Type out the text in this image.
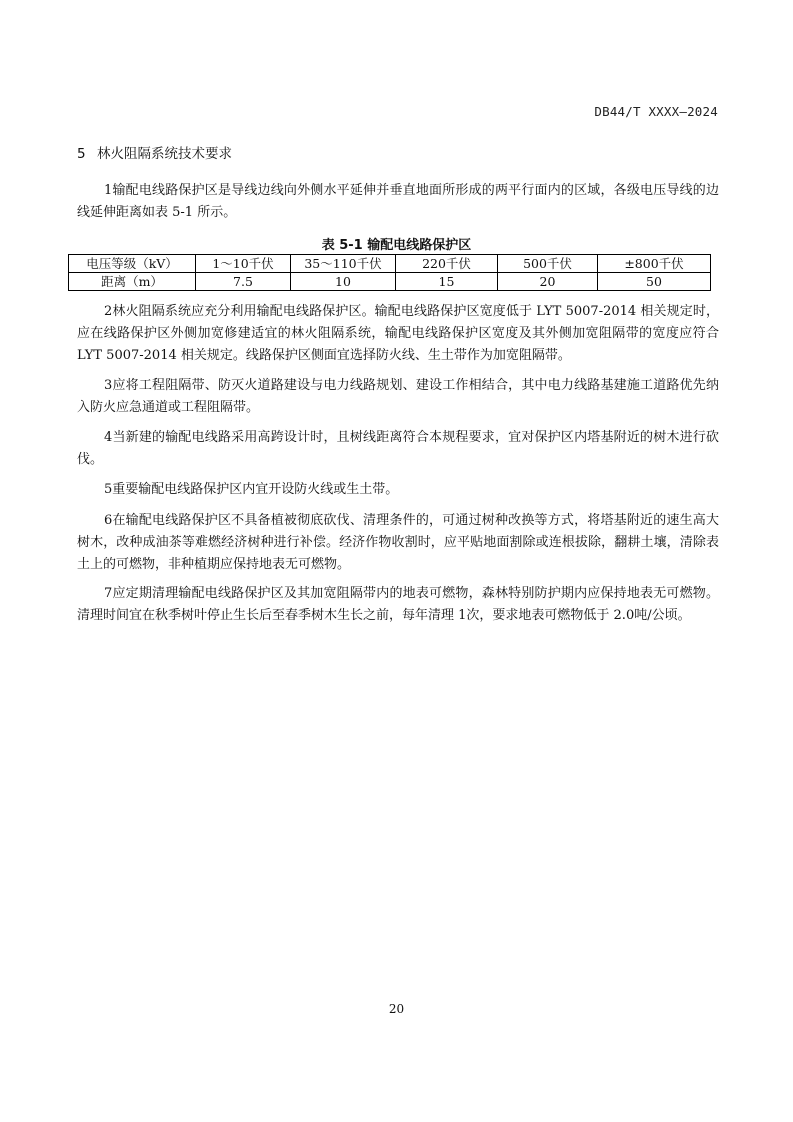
DB44/T XXXX—2024
5 林火阻隔系统技术要求

1输配电线路保护区是导线边线向外侧水平延伸并垂直地面所形成的两平行面内的区域，各级电压导线的边线延伸距离如表 5-1 所示。

表 5-1 输配电线路保护区
电压等级（kV）	1～10千伏	35～110千伏	220千伏	500千伏	±800千伏
距离（m）	7.5	10	15	20	50

2林火阻隔系统应充分利用输配电线路保护区。输配电线路保护区宽度低于 LYT 5007-2014 相关规定时，应在线路保护区外侧加宽修建适宜的林火阻隔系统，输配电线路保护区宽度及其外侧加宽阻隔带的宽度应符合 LYT 5007-2014 相关规定。线路保护区侧面宜选择防火线、生土带作为加宽阻隔带。

3应将工程阻隔带、防灭火道路建设与电力线路规划、建设工作相结合，其中电力线路基建施工道路优先纳入防火应急通道或工程阻隔带。

4当新建的输配电线路采用高跨设计时，且树线距离符合本规程要求，宜对保护区内塔基附近的树木进行砍伐。

5重要输配电线路保护区内宜开设防火线或生土带。

6在输配电线路保护区不具备植被彻底砍伐、清理条件的，可通过树种改换等方式，将塔基附近的速生高大树木，改种成油茶等难燃经济树种进行补偿。经济作物收割时，应平贴地面割除或连根拔除，翻耕土壤，清除表土上的可燃物，非种植期应保持地表无可燃物。

7应定期清理输配电线路保护区及其加宽阻隔带内的地表可燃物，森林特别防护期内应保持地表无可燃物。清理时间宜在秋季树叶停止生长后至春季树木生长之前，每年清理 1次，要求地表可燃物低于 2.0吨/公顷。

20
